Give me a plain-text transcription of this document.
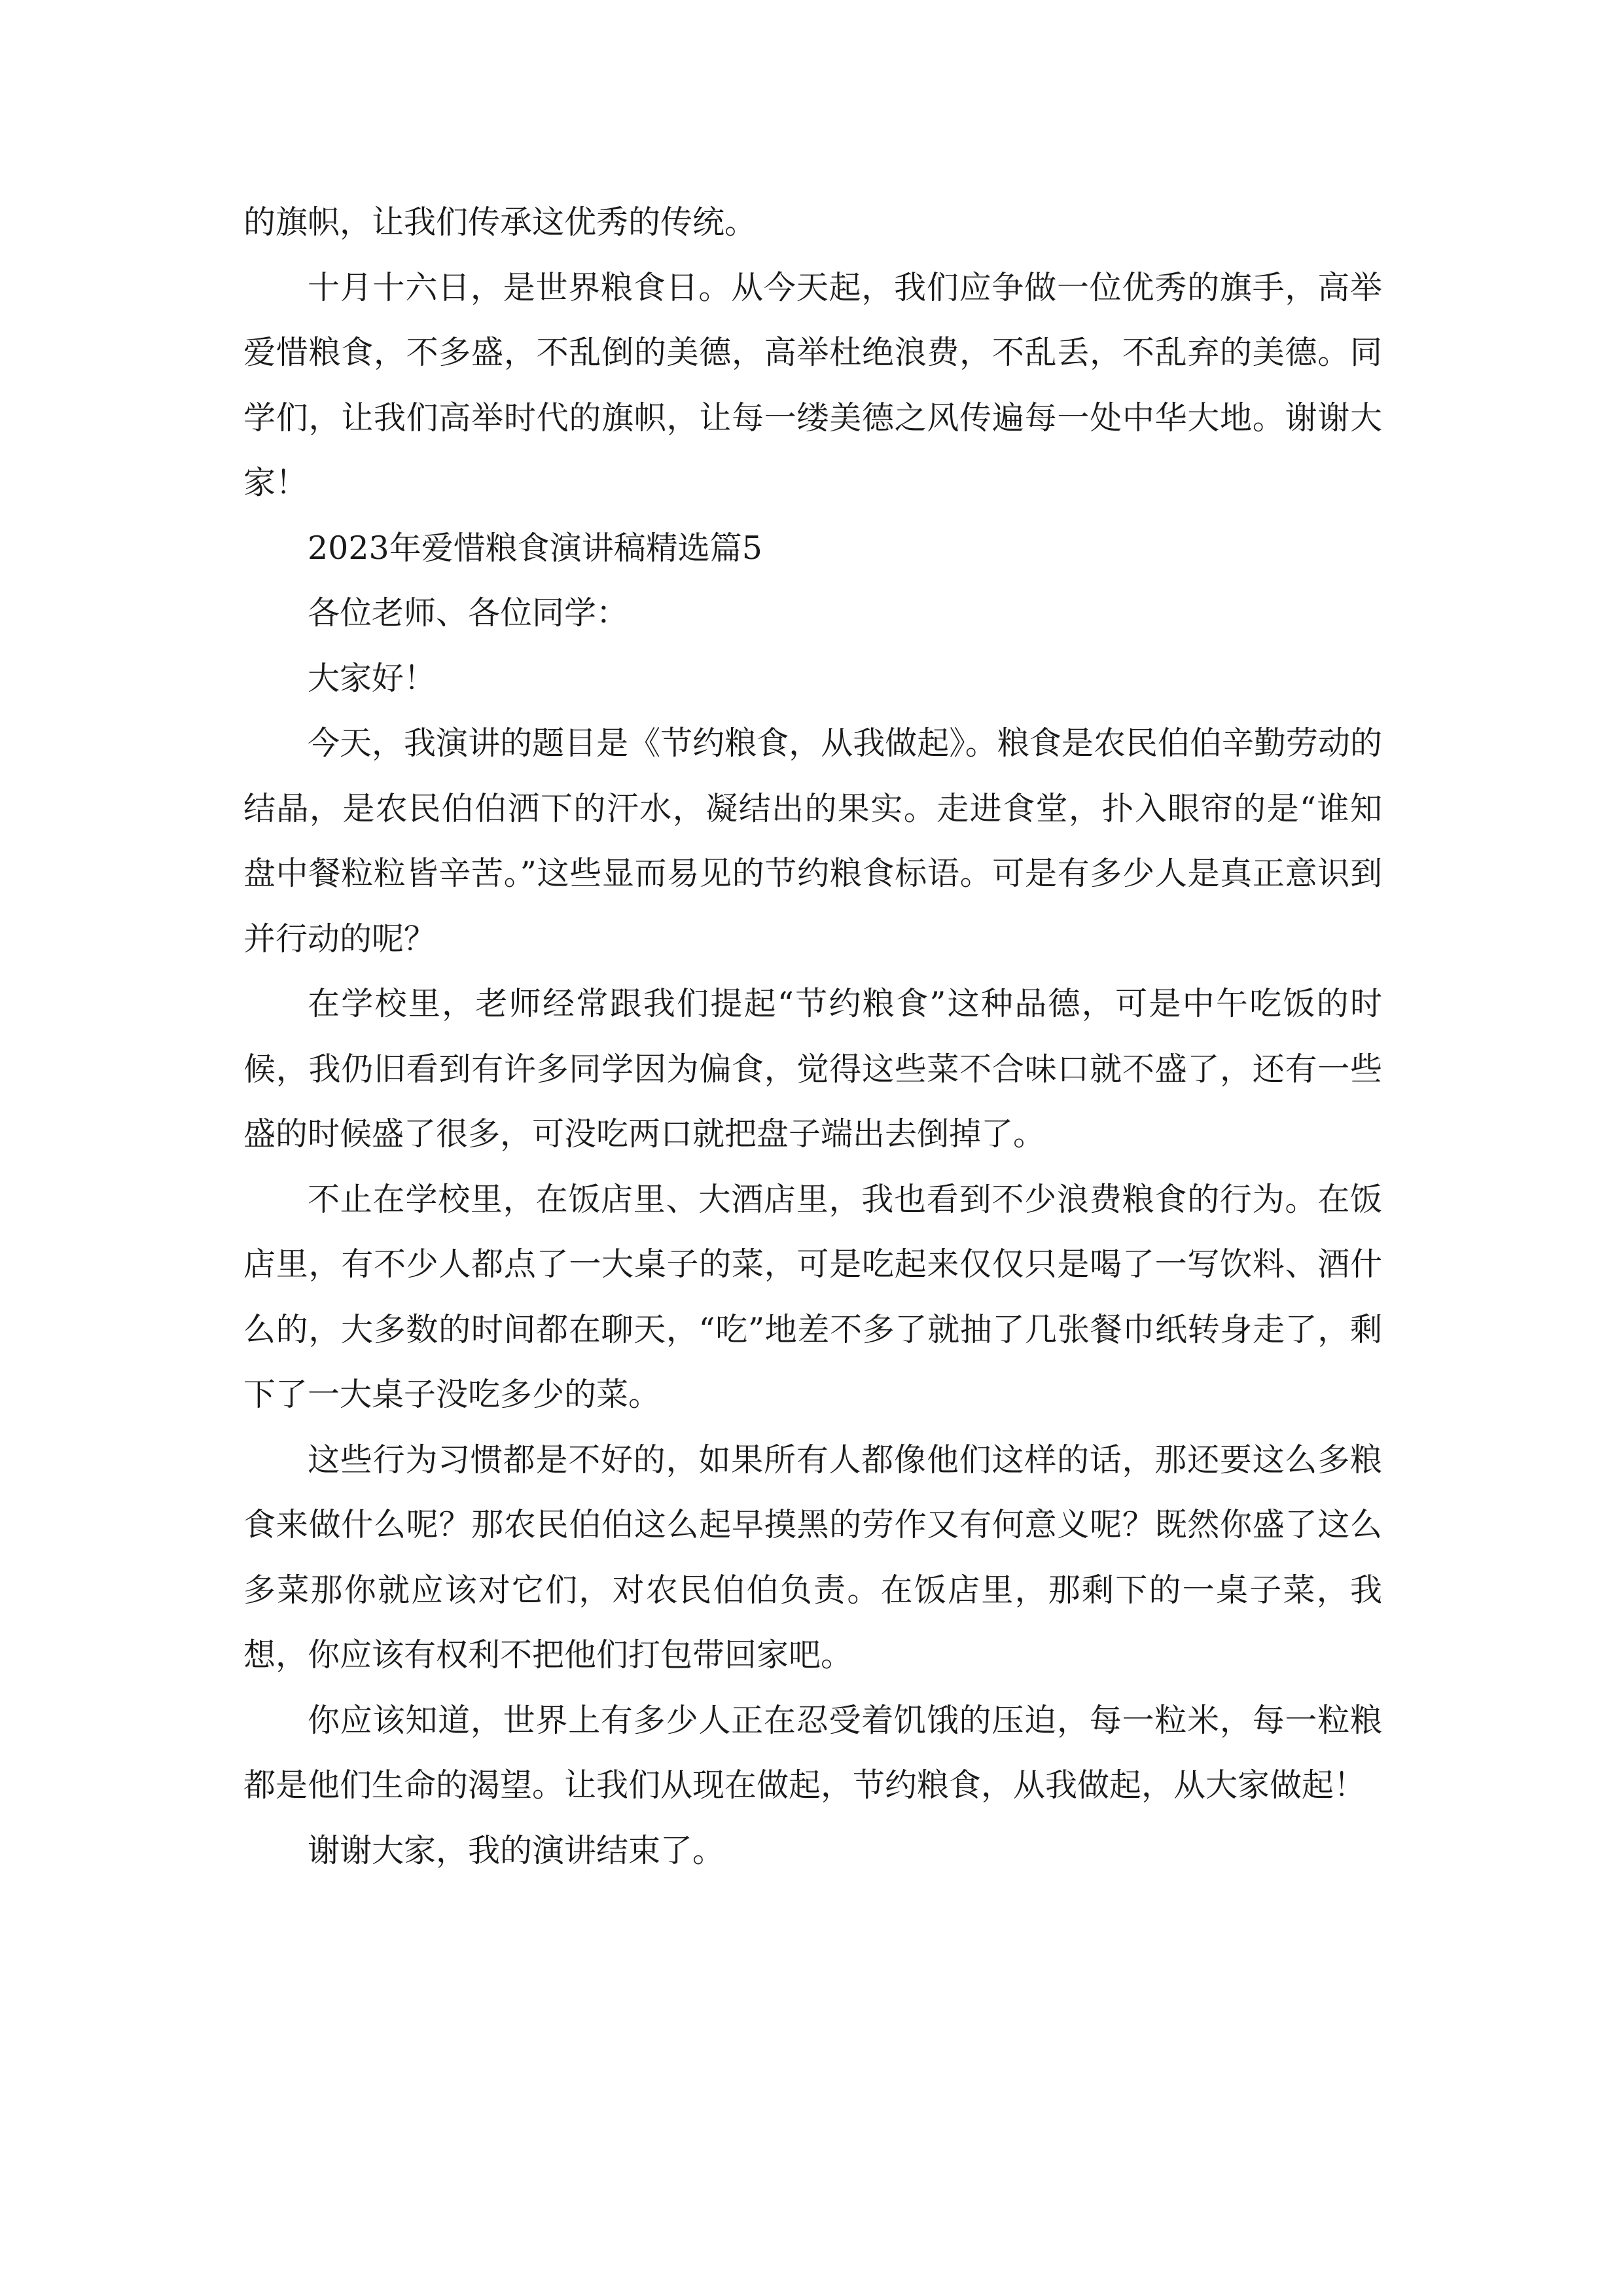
的旗帜，让我们传承这优秀的传统。

十月十六日，是世界粮食日。从今天起，我们应争做一位优秀的旗手，高举爱惜粮食，不多盛，不乱倒的美德，高举杜绝浪费，不乱丢，不乱弃的美德。同学们，让我们高举时代的旗帜，让每一缕美德之风传遍每一处中华大地。谢谢大家！

2023年爱惜粮食演讲稿精选篇5

各位老师、各位同学：

大家好！

今天，我演讲的题目是《节约粮食，从我做起》。粮食是农民伯伯辛勤劳动的结晶，是农民伯伯洒下的汗水，凝结出的果实。走进食堂，扑入眼帘的是“谁知盘中餐粒粒皆辛苦。”这些显而易见的节约粮食标语。可是有多少人是真正意识到并行动的呢？

在学校里，老师经常跟我们提起“节约粮食”这种品德，可是中午吃饭的时候，我仍旧看到有许多同学因为偏食，觉得这些菜不合味口就不盛了，还有一些盛的时候盛了很多，可没吃两口就把盘子端出去倒掉了。

不止在学校里，在饭店里、大酒店里，我也看到不少浪费粮食的行为。在饭店里，有不少人都点了一大桌子的菜，可是吃起来仅仅只是喝了一写饮料、酒什么的，大多数的时间都在聊天，“吃”地差不多了就抽了几张餐巾纸转身走了，剩下了一大桌子没吃多少的菜。

这些行为习惯都是不好的，如果所有人都像他们这样的话，那还要这么多粮食来做什么呢？那农民伯伯这么起早摸黑的劳作又有何意义呢？既然你盛了这么多菜那你就应该对它们，对农民伯伯负责。在饭店里，那剩下的一桌子菜，我想，你应该有权利不把他们打包带回家吧。

你应该知道，世界上有多少人正在忍受着饥饿的压迫，每一粒米，每一粒粮都是他们生命的渴望。让我们从现在做起，节约粮食，从我做起，从大家做起！

谢谢大家，我的演讲结束了。
